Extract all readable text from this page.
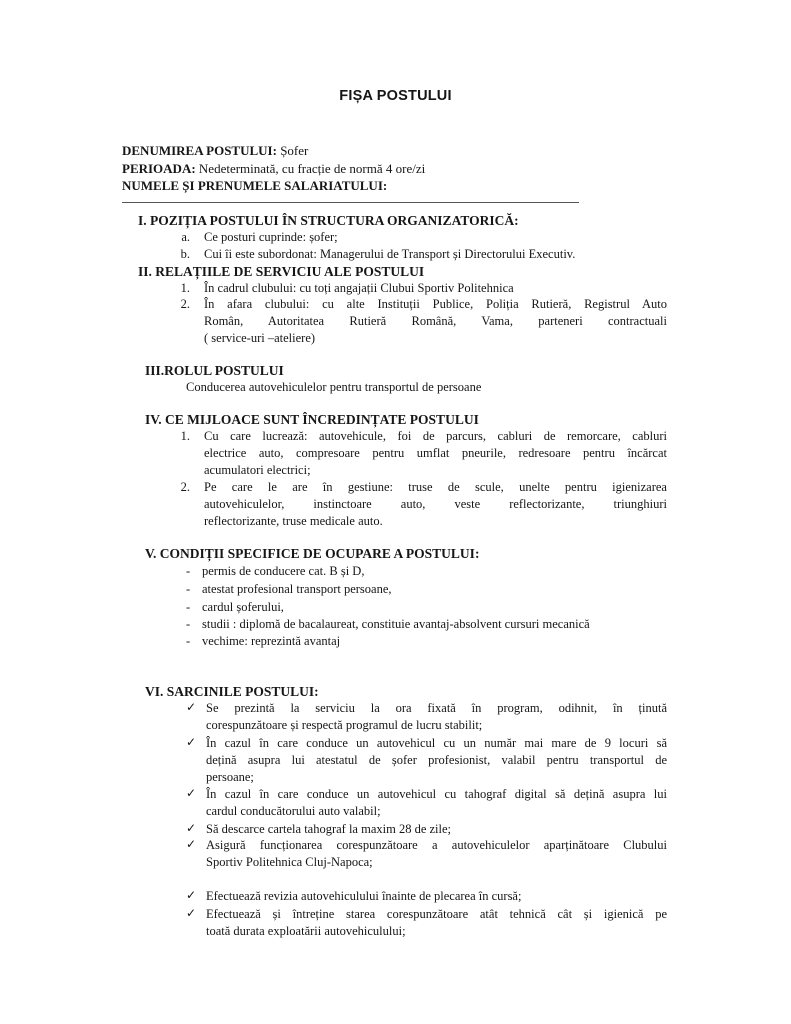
FIȘA POSTULUI
DENUMIREA POSTULUI: Șofer
PERIOADA: Nedeterminată, cu fracție de normă 4 ore/zi
NUMELE ȘI PRENUMELE SALARIATULUI:
I. POZIȚIA POSTULUI ÎN STRUCTURA ORGANIZATORICĂ:
a. Ce posturi cuprinde: șofer;
b. Cui îi este subordonat: Managerului de Transport și Directorului Executiv.
II. RELAȚIILE DE SERVICIU ALE POSTULUI
1. În cadrul clubului: cu toți angajații Clubui Sportiv Politehnica
2. În afara clubului: cu alte Instituții Publice, Poliția Rutieră, Registrul Auto
Român, Autoritatea Rutieră Română, Vama, parteneri contractuali
( service-uri –ateliere)
III.ROLUL POSTULUI
Conducerea autovehiculelor pentru transportul de persoane
IV. CE MIJLOACE SUNT ÎNCREDINȚATE POSTULUI
1. Cu care lucrează: autovehicule, foi de parcurs, cabluri de remorcare, cabluri
electrice auto, compresoare pentru umflat pneurile, redresoare pentru încărcat
acumulatori electrici;
2. Pe care le are în gestiune: truse de scule, unelte pentru igienizarea
autovehiculelor, instinctoare auto, veste reflectorizante, triunghiuri
reflectorizante, truse medicale auto.
V. CONDIȚII SPECIFICE DE OCUPARE A POSTULUI:
- permis de conducere cat. B și D,
- atestat profesional transport persoane,
- cardul șoferului,
- studii : diplomă de bacalaureat, constituie avantaj-absolvent cursuri mecanică
- vechime: reprezintă avantaj
VI. SARCINILE POSTULUI:
✓ Se prezintă la serviciu la ora fixată în program, odihnit, în ținută
corespunzătoare și respectă programul de lucru stabilit;
✓ În cazul în care conduce un autovehicul cu un număr mai mare de 9 locuri să
dețină asupra lui atestatul de șofer profesionist, valabil pentru transportul de
persoane;
✓ În cazul în care conduce un autovehicul cu tahograf digital să dețină asupra lui
cardul conducătorului auto valabil;
✓ Să descarce cartela tahograf la maxim 28 de zile;
✓ Asigură funcționarea corespunzătoare a autovehiculelor aparținătoare Clubului
Sportiv Politehnica Cluj-Napoca;
✓ Efectuează revizia autovehiculului înainte de plecarea în cursă;
✓ Efectuează și întreține starea corespunzătoare atât tehnică cât și igienică pe
toată durata exploatării autovehiculului;
